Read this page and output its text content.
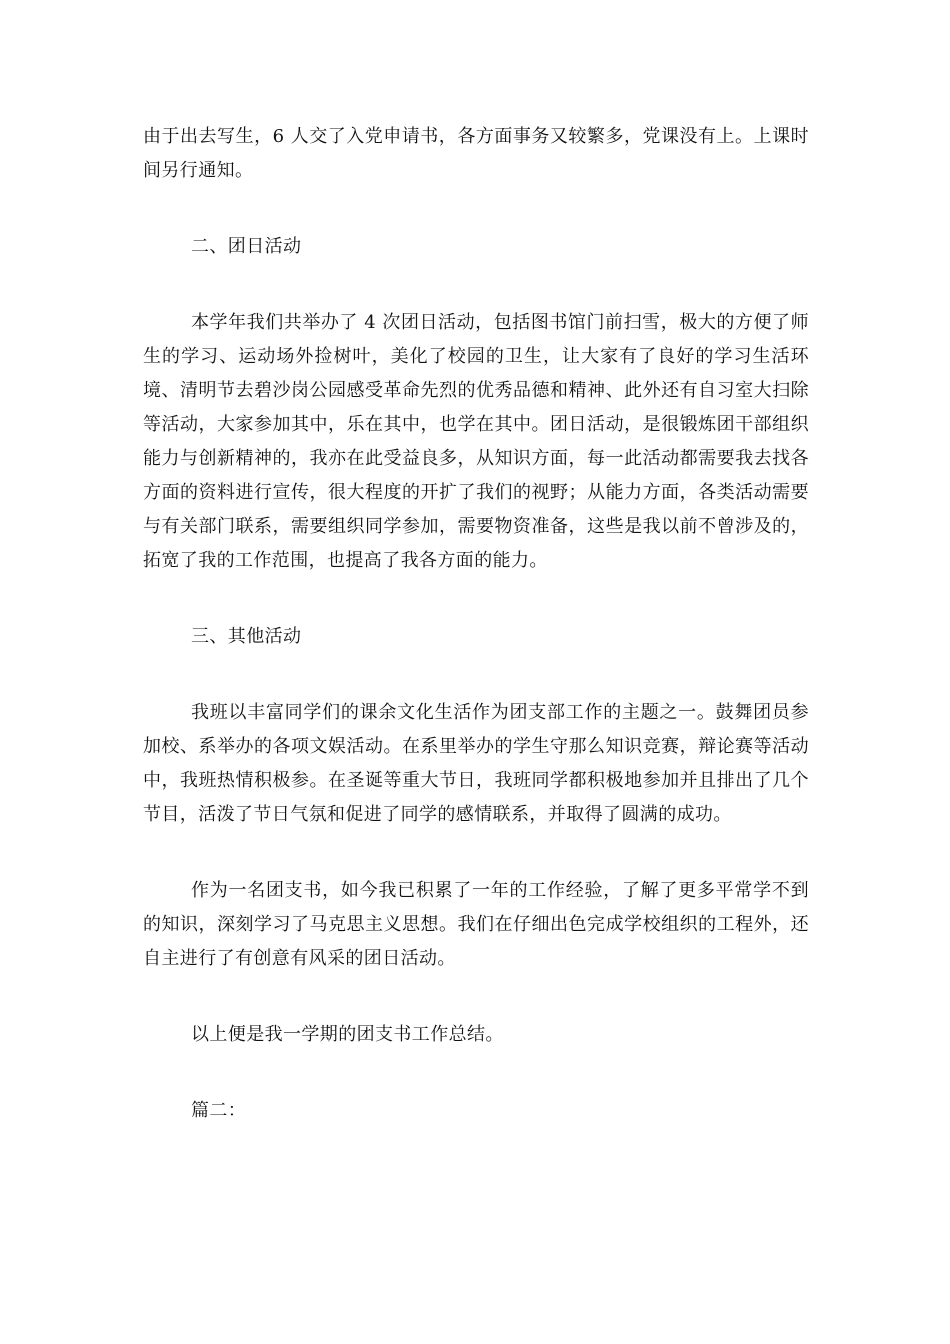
由于出去写生，6 人交了入党申请书，各方面事务又较繁多，党课没有上。上课时间另行通知。

二、团日活动

本学年我们共举办了 4 次团日活动，包括图书馆门前扫雪，极大的方便了师生的学习、运动场外捡树叶，美化了校园的卫生，让大家有了良好的学习生活环境、清明节去碧沙岗公园感受革命先烈的优秀品德和精神、此外还有自习室大扫除等活动，大家参加其中，乐在其中，也学在其中。团日活动，是很锻炼团干部组织能力与创新精神的，我亦在此受益良多，从知识方面，每一此活动都需要我去找各方面的资料进行宣传，很大程度的开扩了我们的视野；从能力方面，各类活动需要与有关部门联系，需要组织同学参加，需要物资准备，这些是我以前不曾涉及的，拓宽了我的工作范围，也提高了我各方面的能力。

三、其他活动

我班以丰富同学们的课余文化生活作为团支部工作的主题之一。鼓舞团员参加校、系举办的各项文娱活动。在系里举办的学生守那么知识竞赛，辩论赛等活动中，我班热情积极参。在圣诞等重大节日，我班同学都积极地参加并且排出了几个节目，活泼了节日气氛和促进了同学的感情联系，并取得了圆满的成功。

作为一名团支书，如今我已积累了一年的工作经验，了解了更多平常学不到的知识，深刻学习了马克思主义思想。我们在仔细出色完成学校组织的工程外，还自主进行了有创意有风采的团日活动。

以上便是我一学期的团支书工作总结。

篇二：
